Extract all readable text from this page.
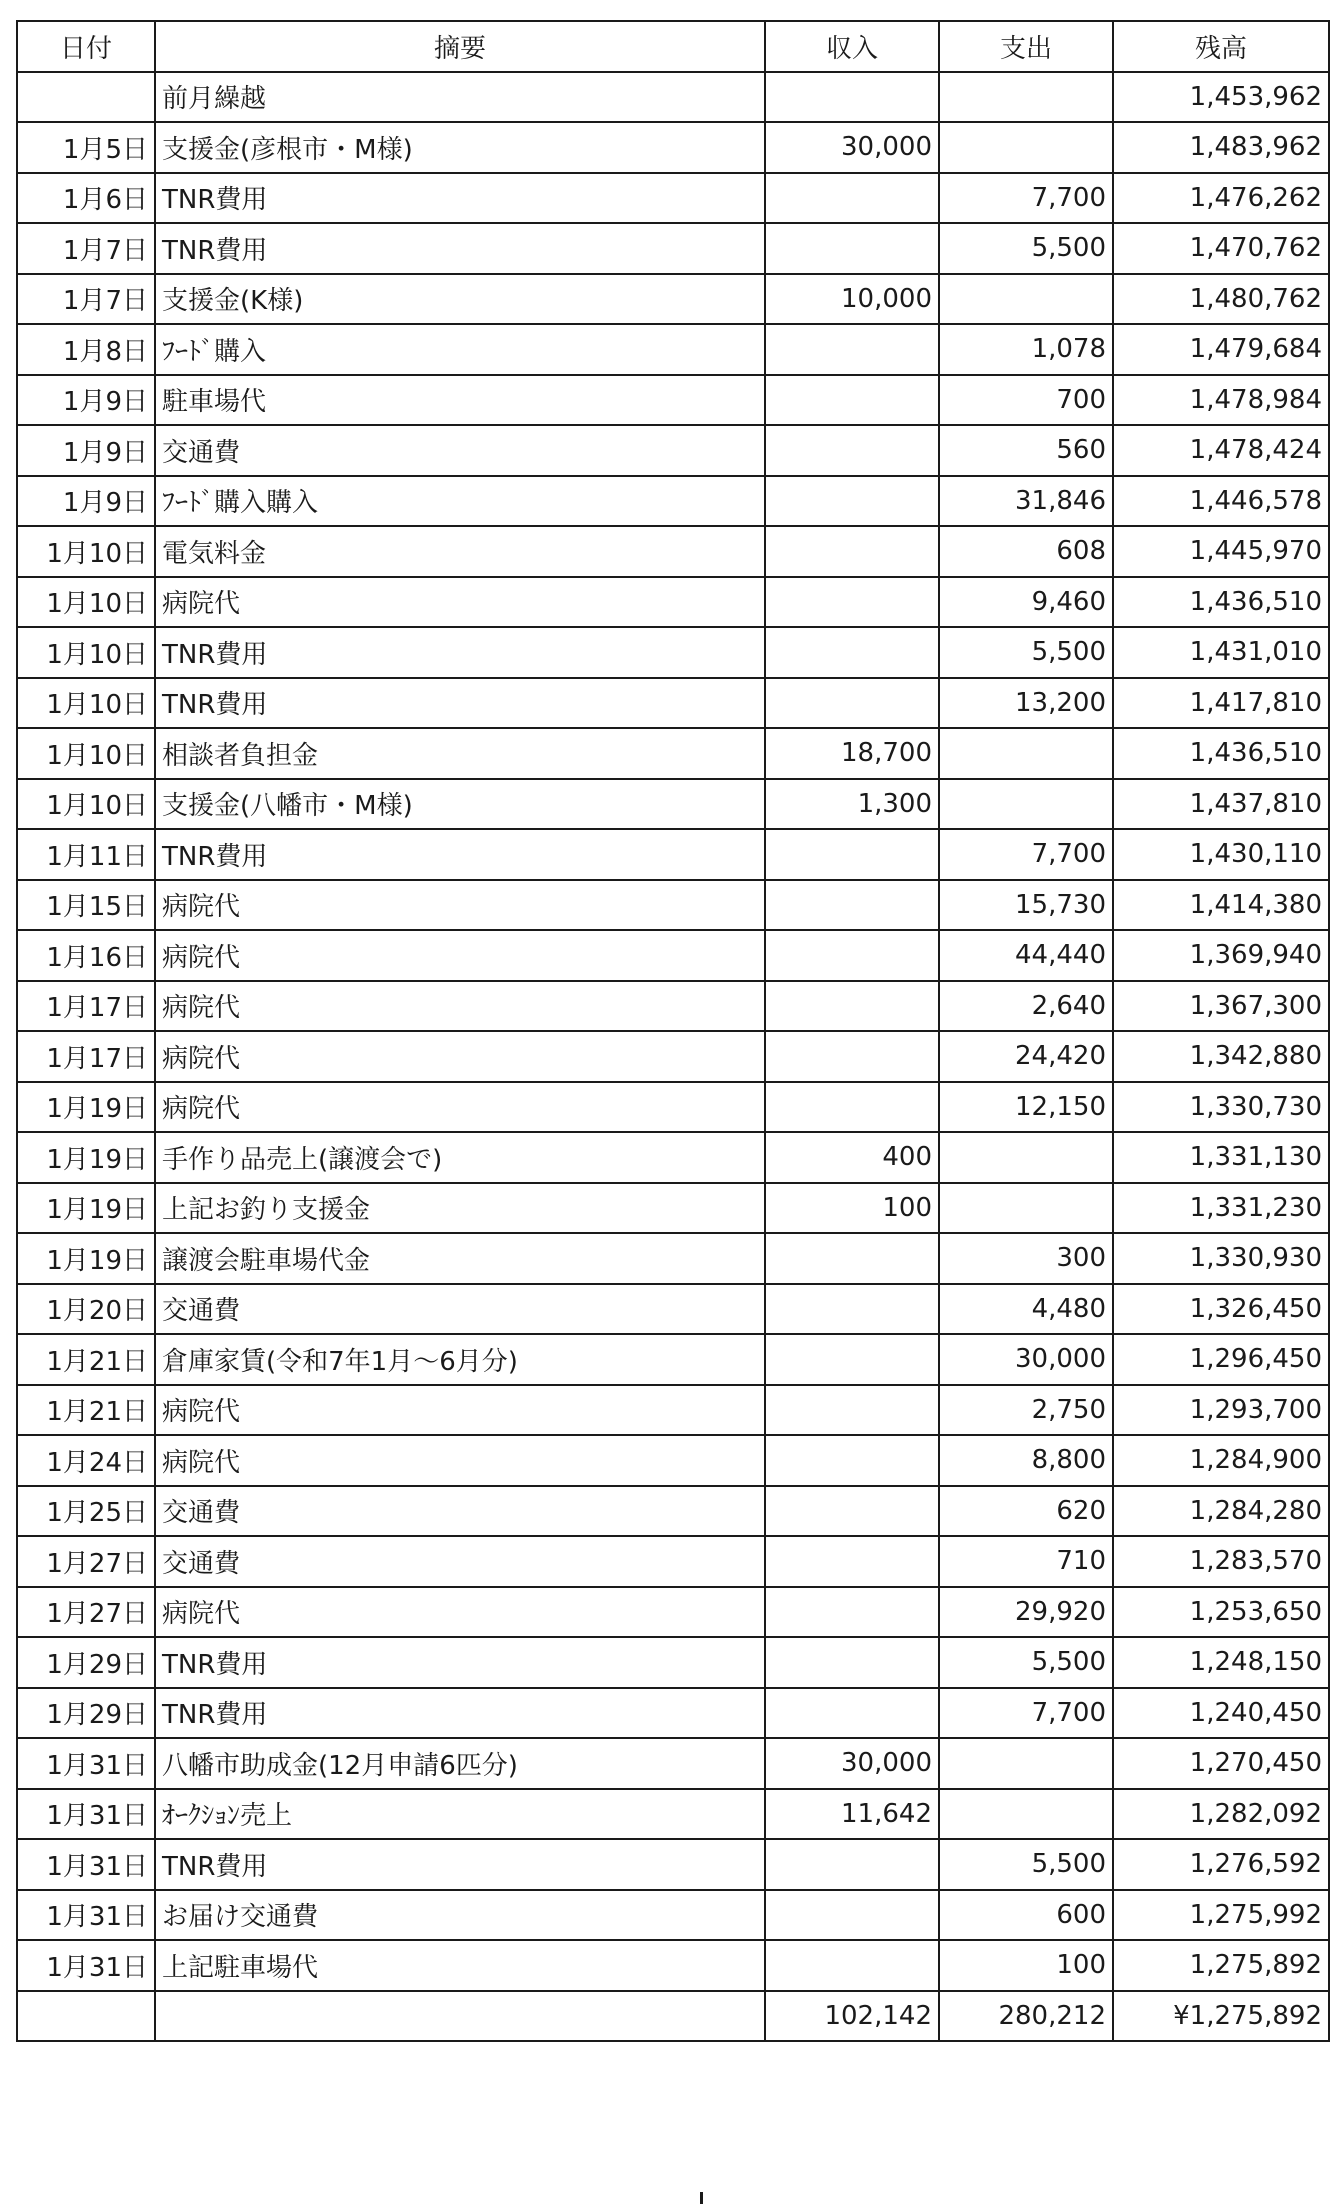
日付	摘要	収入	支出	残高
	前月繰越			1,453,962
1月5日	支援金(彦根市・M様)	30,000		1,483,962
1月6日	TNR費用		7,700	1,476,262
1月7日	TNR費用		5,500	1,470,762
1月7日	支援金(K様)	10,000		1,480,762
1月8日	ﾌｰﾄﾞ購入		1,078	1,479,684
1月9日	駐車場代		700	1,478,984
1月9日	交通費		560	1,478,424
1月9日	ﾌｰﾄﾞ購入購入		31,846	1,446,578
1月10日	電気料金		608	1,445,970
1月10日	病院代		9,460	1,436,510
1月10日	TNR費用		5,500	1,431,010
1月10日	TNR費用		13,200	1,417,810
1月10日	相談者負担金	18,700		1,436,510
1月10日	支援金(八幡市・M様)	1,300		1,437,810
1月11日	TNR費用		7,700	1,430,110
1月15日	病院代		15,730	1,414,380
1月16日	病院代		44,440	1,369,940
1月17日	病院代		2,640	1,367,300
1月17日	病院代		24,420	1,342,880
1月19日	病院代		12,150	1,330,730
1月19日	手作り品売上(譲渡会で)	400		1,331,130
1月19日	上記お釣り支援金	100		1,331,230
1月19日	譲渡会駐車場代金		300	1,330,930
1月20日	交通費		4,480	1,326,450
1月21日	倉庫家賃(令和7年1月〜6月分)		30,000	1,296,450
1月21日	病院代		2,750	1,293,700
1月24日	病院代		8,800	1,284,900
1月25日	交通費		620	1,284,280
1月27日	交通費		710	1,283,570
1月27日	病院代		29,920	1,253,650
1月29日	TNR費用		5,500	1,248,150
1月29日	TNR費用		7,700	1,240,450
1月31日	八幡市助成金(12月申請6匹分)	30,000		1,270,450
1月31日	ｵｰｸｼｮﾝ売上	11,642		1,282,092
1月31日	TNR費用		5,500	1,276,592
1月31日	お届け交通費		600	1,275,992
1月31日	上記駐車場代		100	1,275,892
		102,142	280,212	¥1,275,892
